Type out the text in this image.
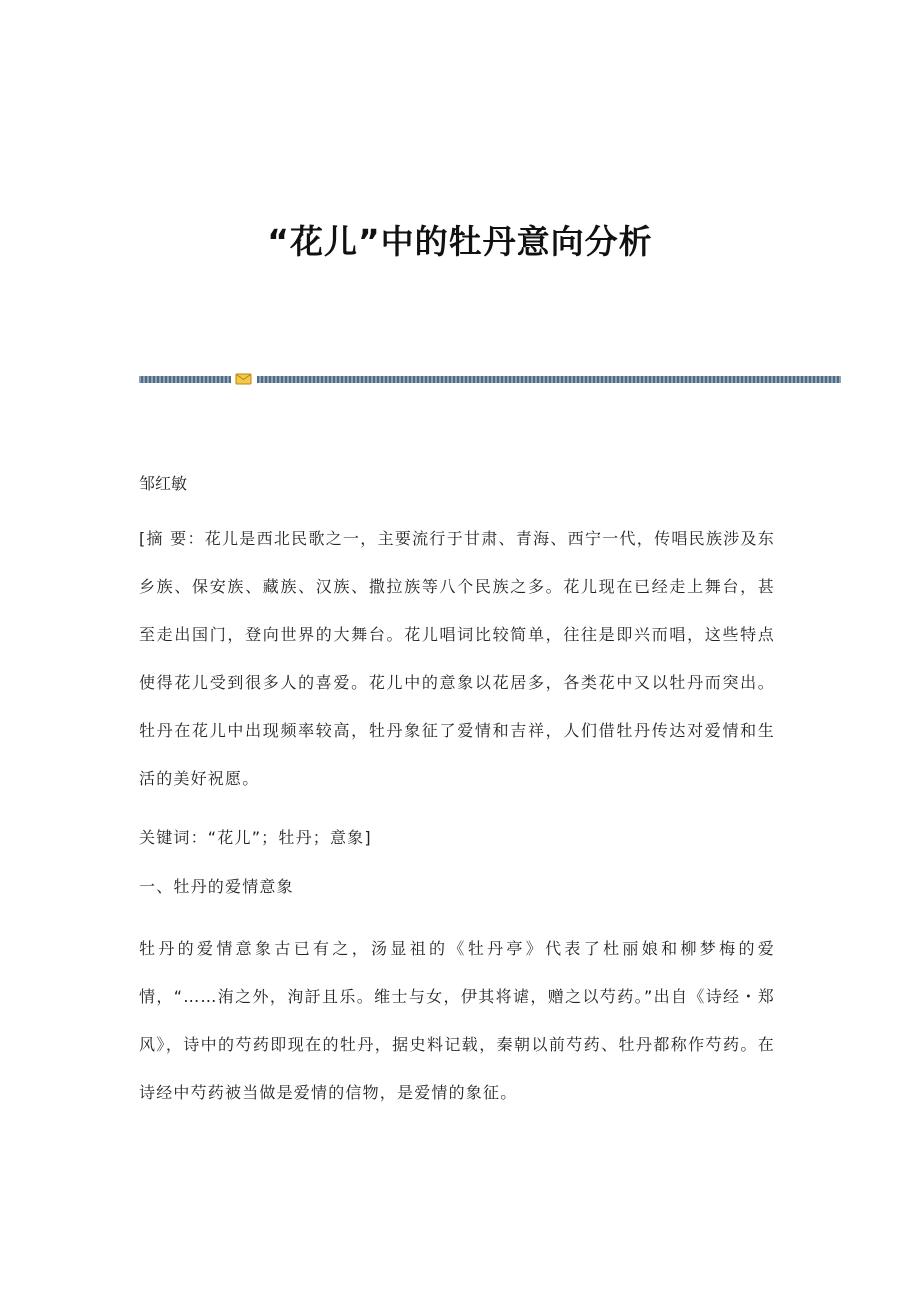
“花儿”中的牡丹意向分析
邹红敏
[摘 要：花儿是西北民歌之一，主要流行于甘肃、青海、西宁一代，传唱民族涉及东乡族、保安族、藏族、汉族、撒拉族等八个民族之多。花儿现在已经走上舞台，甚至走出国门，登向世界的大舞台。花儿唱词比较简单，往往是即兴而唱，这些特点使得花儿受到很多人的喜爱。花儿中的意象以花居多，各类花中又以牡丹而突出。牡丹在花儿中出现频率较高，牡丹象征了爱情和吉祥，人们借牡丹传达对爱情和生活的美好祝愿。
关键词：“花儿”；牡丹；意象]
一、牡丹的爱情意象
牡丹的爱情意象古已有之，汤显祖的《牡丹亭》代表了杜丽娘和柳梦梅的爱情，“……洧之外，洵訏且乐。维士与女，伊其将谑，赠之以芍药。”出自《诗经・郑风》，诗中的芍药即现在的牡丹，据史料记载，秦朝以前芍药、牡丹都称作芍药。在诗经中芍药被当做是爱情的信物，是爱情的象征。
